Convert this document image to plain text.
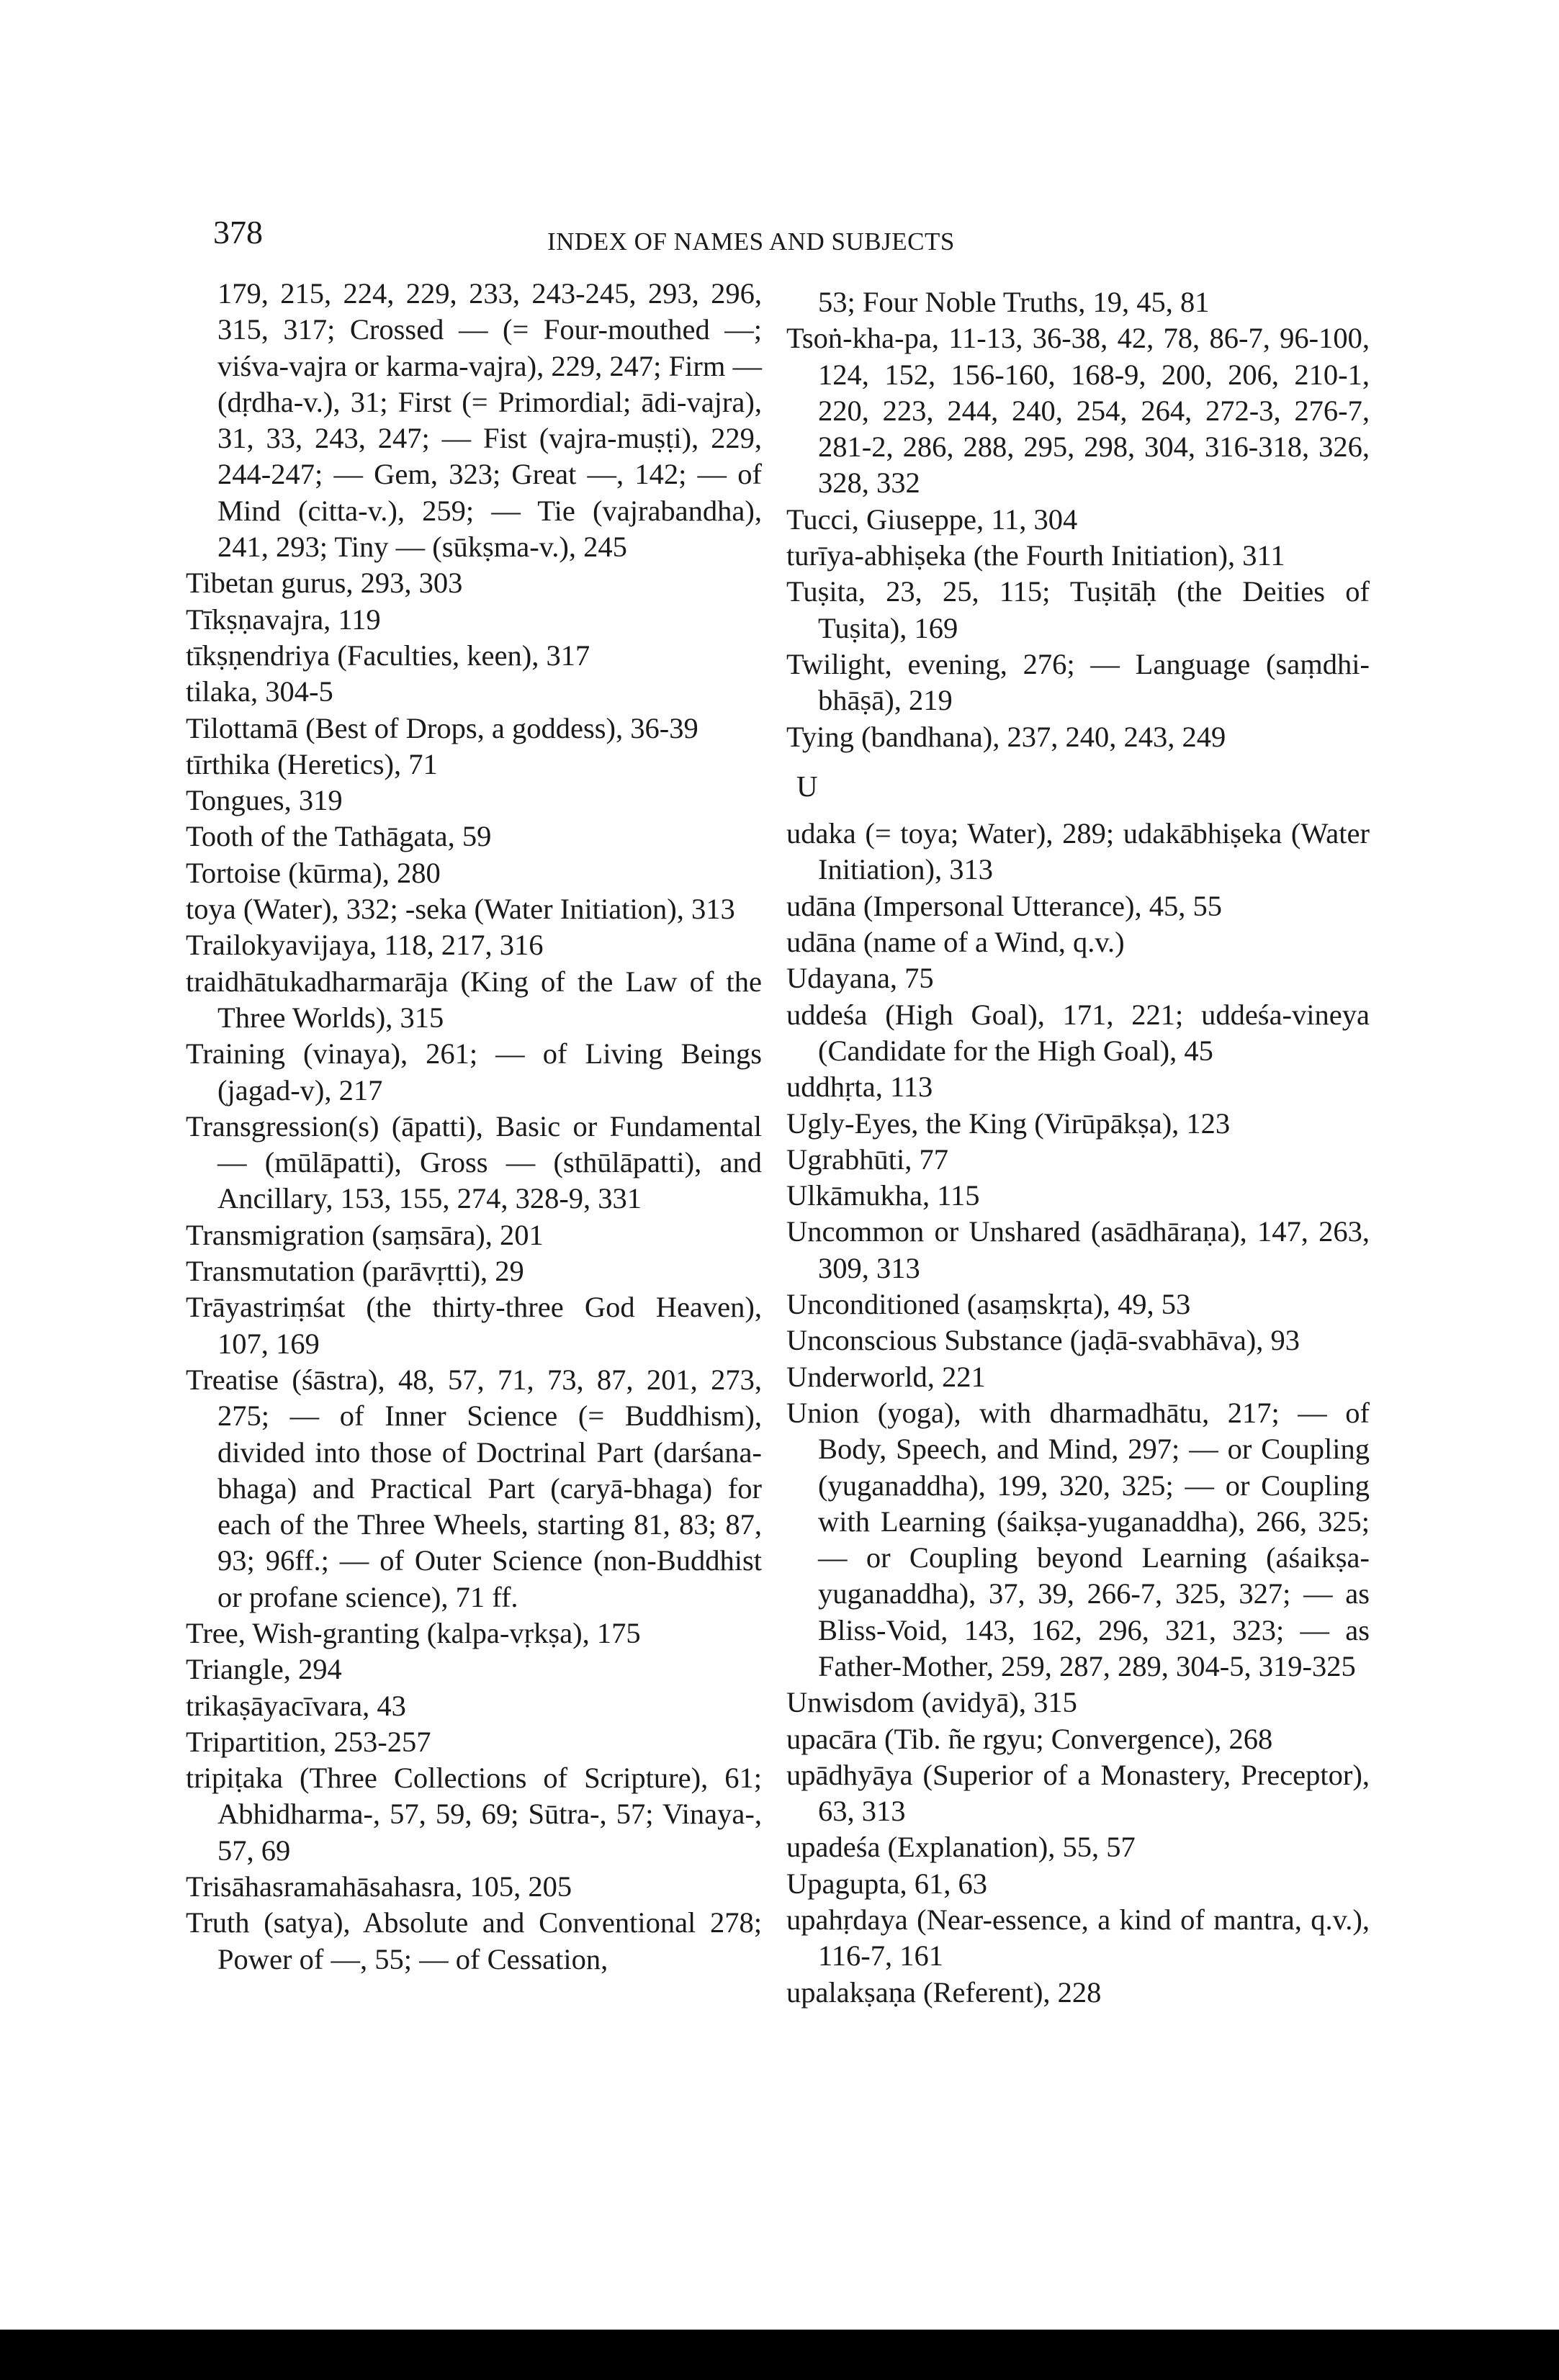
378	INDEX OF NAMES AND SUBJECTS
179, 215, 224, 229, 233, 243-245, 293, 296, 315, 317; Crossed — (= Four-mouthed —; viśva-vajra or karma-vajra), 229, 247; Firm — (dṛdha-v.), 31; First (= Primordial; ādi-vajra), 31, 33, 243, 247; — Fist (vajra-muṣṭi), 229, 244-247; — Gem, 323; Great —, 142; — of Mind (citta-v.), 259; — Tie (vajrabandha), 241, 293; Tiny — (sūkṣma-v.), 245
Tibetan gurus, 293, 303
Tīkṣṇavajra, 119
tīkṣṇendriya (Faculties, keen), 317
tilaka, 304-5
Tilottamā (Best of Drops, a goddess), 36-39
tīrthika (Heretics), 71
Tongues, 319
Tooth of the Tathāgata, 59
Tortoise (kūrma), 280
toya (Water), 332; -seka (Water Initiation), 313
Trailokyavijaya, 118, 217, 316
traidhātukadharmarāja (King of the Law of the Three Worlds), 315
Training (vinaya), 261; — of Living Beings (jagad-v), 217
Transgression(s) (āpatti), Basic or Fundamental — (mūlāpatti), Gross — (sthūlāpatti), and Ancillary, 153, 155, 274, 328-9, 331
Transmigration (saṃsāra), 201
Transmutation (parāvṛtti), 29
Trāyastriṃśat (the thirty-three God Heaven), 107, 169
Treatise (śāstra), 48, 57, 71, 73, 87, 201, 273, 275; — of Inner Science (= Buddhism), divided into those of Doctrinal Part (darśana-bhaga) and Practical Part (caryā-bhaga) for each of the Three Wheels, starting 81, 83; 87, 93; 96ff.; — of Outer Science (non-Buddhist or profane science), 71 ff.
Tree, Wish-granting (kalpa-vṛkṣa), 175
Triangle, 294
trikaṣāyacīvara, 43
Tripartition, 253-257
tripiṭaka (Three Collections of Scripture), 61; Abhidharma-, 57, 59, 69; Sūtra-, 57; Vinaya-, 57, 69
Trisāhasramahāsahasra, 105, 205
Truth (satya), Absolute and Conventional 278; Power of —, 55; — of Cessation,
53; Four Noble Truths, 19, 45, 81
Tsoṅ-kha-pa, 11-13, 36-38, 42, 78, 86-7, 96-100, 124, 152, 156-160, 168-9, 200, 206, 210-1, 220, 223, 244, 240, 254, 264, 272-3, 276-7, 281-2, 286, 288, 295, 298, 304, 316-318, 326, 328, 332
Tucci, Giuseppe, 11, 304
turīya-abhiṣeka (the Fourth Initiation), 311
Tuṣita, 23, 25, 115; Tuṣitāḥ (the Deities of Tuṣita), 169
Twilight, evening, 276; — Language (saṃdhi-bhāṣā), 219
Tying (bandhana), 237, 240, 243, 249
U
udaka (= toya; Water), 289; udakābhiṣeka (Water Initiation), 313
udāna (Impersonal Utterance), 45, 55
udāna (name of a Wind, q.v.)
Udayana, 75
uddeśa (High Goal), 171, 221; uddeśa-vineya (Candidate for the High Goal), 45
uddhṛta, 113
Ugly-Eyes, the King (Virūpākṣa), 123
Ugrabhūti, 77
Ulkāmukha, 115
Uncommon or Unshared (asādhāraṇa), 147, 263, 309, 313
Unconditioned (asaṃskṛta), 49, 53
Unconscious Substance (jaḍā-svabhāva), 93
Underworld, 221
Union (yoga), with dharmadhātu, 217; — of Body, Speech, and Mind, 297; — or Coupling (yuganaddha), 199, 320, 325; — or Coupling with Learning (śaikṣa-yuganaddha), 266, 325; — or Coupling beyond Learning (aśaikṣa-yuganaddha), 37, 39, 266-7, 325, 327; — as Bliss-Void, 143, 162, 296, 321, 323; — as Father-Mother, 259, 287, 289, 304-5, 319-325
Unwisdom (avidyā), 315
upacāra (Tib. ñe rgyu; Convergence), 268
upādhyāya (Superior of a Monastery, Preceptor), 63, 313
upadeśa (Explanation), 55, 57
Upagupta, 61, 63
upahṛdaya (Near-essence, a kind of mantra, q.v.), 116-7, 161
upalakṣaṇa (Referent), 228
